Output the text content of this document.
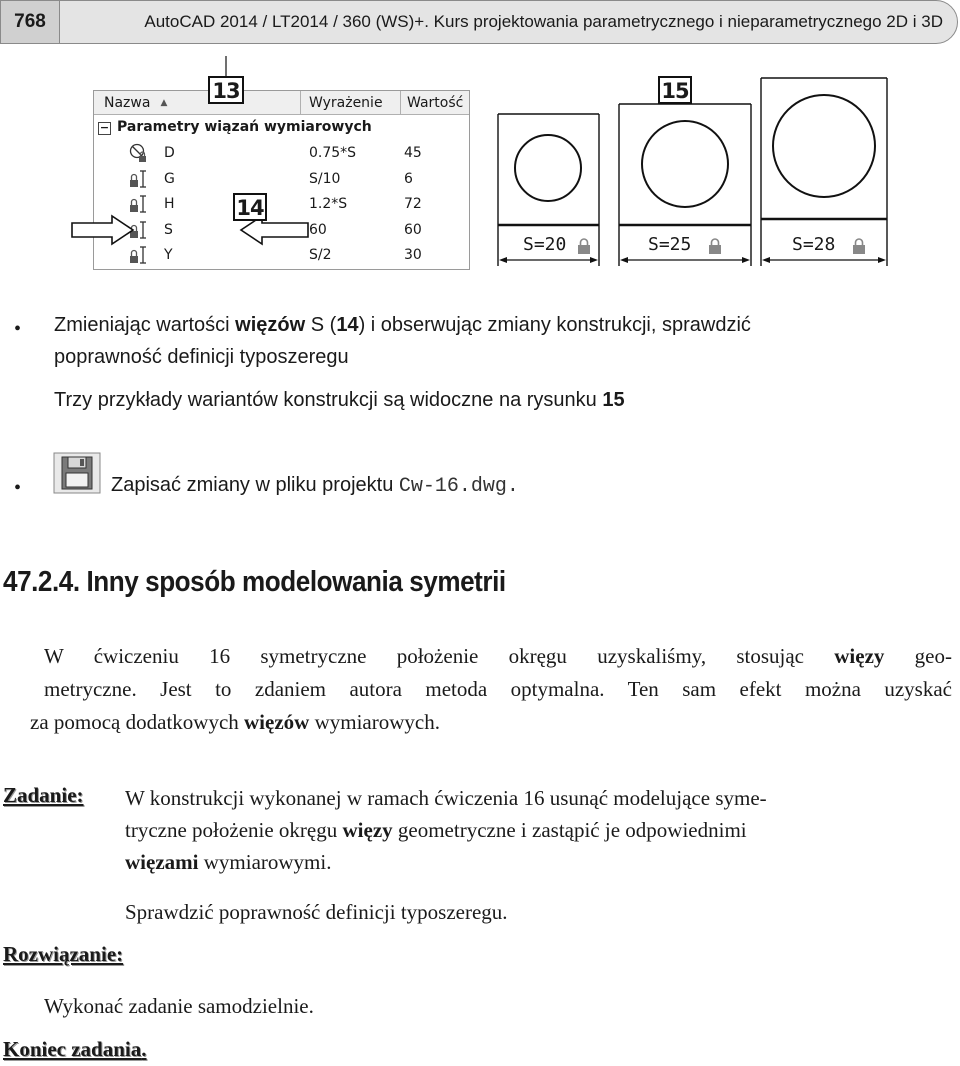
768	AutoCAD 2014 / LT2014 / 360 (WS)+. Kurs projektowania parametrycznego i nieparametrycznego 2D i 3D
Nazwa ▲	Wyrażenie	Wartość
− Parametry wiązań wymiarowych
D	0.75*S	45
G	S/10	6
H	1.2*S	72
S	60	60
Y	S/2	30
13
14
15
S=20	S=25	S=28
• Zmieniając wartości więzów S (14) i obserwując zmiany konstrukcji, sprawdzić
poprawność definicji typoszeregu
Trzy przykłady wariantów konstrukcji są widoczne na rysunku 15
•	Zapisać zmiany w pliku projektu Cw-16.dwg.
47.2.4. Inny sposób modelowania symetrii
W ćwiczeniu 16 symetryczne położenie okręgu uzyskaliśmy, stosując więzy geo-
metryczne. Jest to zdaniem autora metoda optymalna. Ten sam efekt można uzyskać
za pomocą dodatkowych więzów wymiarowych.
Zadanie: W konstrukcji wykonanej w ramach ćwiczenia 16 usunąć modelujące syme-
tryczne położenie okręgu więzy geometryczne i zastąpić je odpowiednimi
więzami wymiarowymi.
Sprawdzić poprawność definicji typoszeregu.
Rozwiązanie:
Wykonać zadanie samodzielnie.
Koniec zadania.
